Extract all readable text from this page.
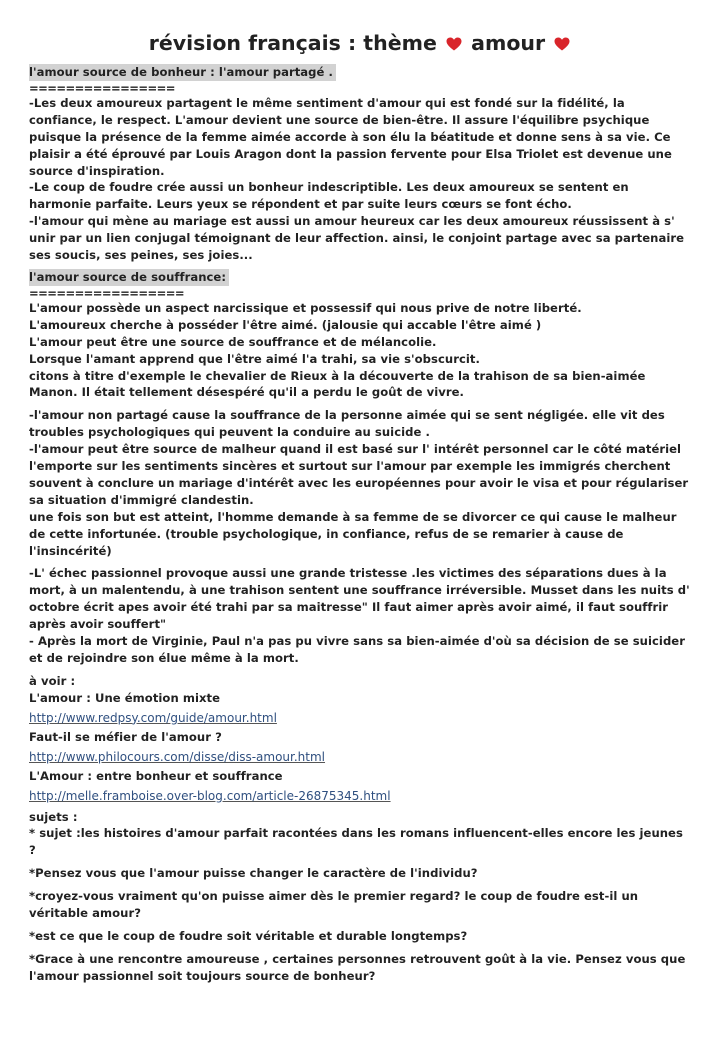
révision français : thème amour
l'amour source de bonheur : l'amour partagé .
================
-Les deux amoureux partagent le même sentiment d'amour qui est fondé sur la fidélité, la confiance, le respect. L'amour devient une source de bien-être. Il assure l'équilibre psychique puisque la présence de la femme aimée accorde à son élu la béatitude et donne sens à sa vie. Ce plaisir a été éprouvé par Louis Aragon dont la passion fervente pour Elsa Triolet est devenue une source d'inspiration.
-Le coup de foudre crée aussi un bonheur indescriptible. Les deux amoureux se sentent en harmonie parfaite. Leurs yeux se répondent et par suite leurs cœurs se font écho.
-l'amour qui mène au mariage est aussi un amour heureux car les deux amoureux réussissent à s' unir par un lien conjugal témoignant de leur affection. ainsi, le conjoint partage avec sa partenaire ses soucis, ses peines, ses joies...
l'amour source de souffrance:
=================
L'amour possède un aspect narcissique et possessif qui nous prive de notre liberté.
L'amoureux cherche à posséder l'être aimé. (jalousie qui accable l'être aimé )
L'amour peut être une source de souffrance et de mélancolie.
Lorsque l'amant apprend que l'être aimé l'a trahi, sa vie s'obscurcit.
citons à titre d'exemple le chevalier de Rieux à la découverte de la trahison de sa bien-aimée Manon. Il était tellement désespéré qu'il a perdu le goût de vivre.
-l'amour non partagé cause la souffrance de la personne aimée qui se sent négligée. elle vit des troubles psychologiques qui peuvent la conduire au suicide .
-l'amour peut être source de malheur quand il est basé sur l' intérêt personnel car le côté matériel l'emporte sur les sentiments sincères et surtout sur l'amour par exemple les immigrés cherchent souvent à conclure un mariage d'intérêt avec les européennes pour avoir le visa et pour régulariser sa situation d'immigré clandestin.
une fois son but est atteint, l'homme demande à sa femme de se divorcer ce qui cause le malheur de cette infortunée. (trouble psychologique, in confiance, refus de se remarier à cause de l'insincérité)
-L' échec passionnel provoque aussi une grande tristesse .les victimes des séparations dues à la mort, à un malentendu, à une trahison sentent une souffrance irréversible. Musset dans les nuits d' octobre écrit apes avoir été trahi par sa maitresse" Il faut aimer après avoir aimé, il faut souffrir après avoir souffert"
- Après la mort de Virginie, Paul n'a pas pu vivre sans sa bien-aimée d'où sa décision de se suicider et de rejoindre son élue même à la mort.
à voir :
L'amour : Une émotion mixte
http://www.redpsy.com/guide/amour.html
Faut-il se méfier de l'amour ?
http://www.philocours.com/disse/diss-amour.html
L'Amour : entre bonheur et souffrance
http://melle.framboise.over-blog.com/article-26875345.html
sujets :
* sujet :les histoires d'amour parfait racontées dans les romans influencent-elles encore les jeunes ?
*Pensez vous que l'amour puisse changer le caractère de l'individu?
*croyez-vous vraiment qu'on puisse aimer dès le premier regard? le coup de foudre est-il un véritable amour?
*est ce que le coup de foudre soit véritable et durable longtemps?
*Grace à une rencontre amoureuse , certaines personnes retrouvent goût à la vie. Pensez vous que l'amour passionnel soit toujours source de bonheur?
